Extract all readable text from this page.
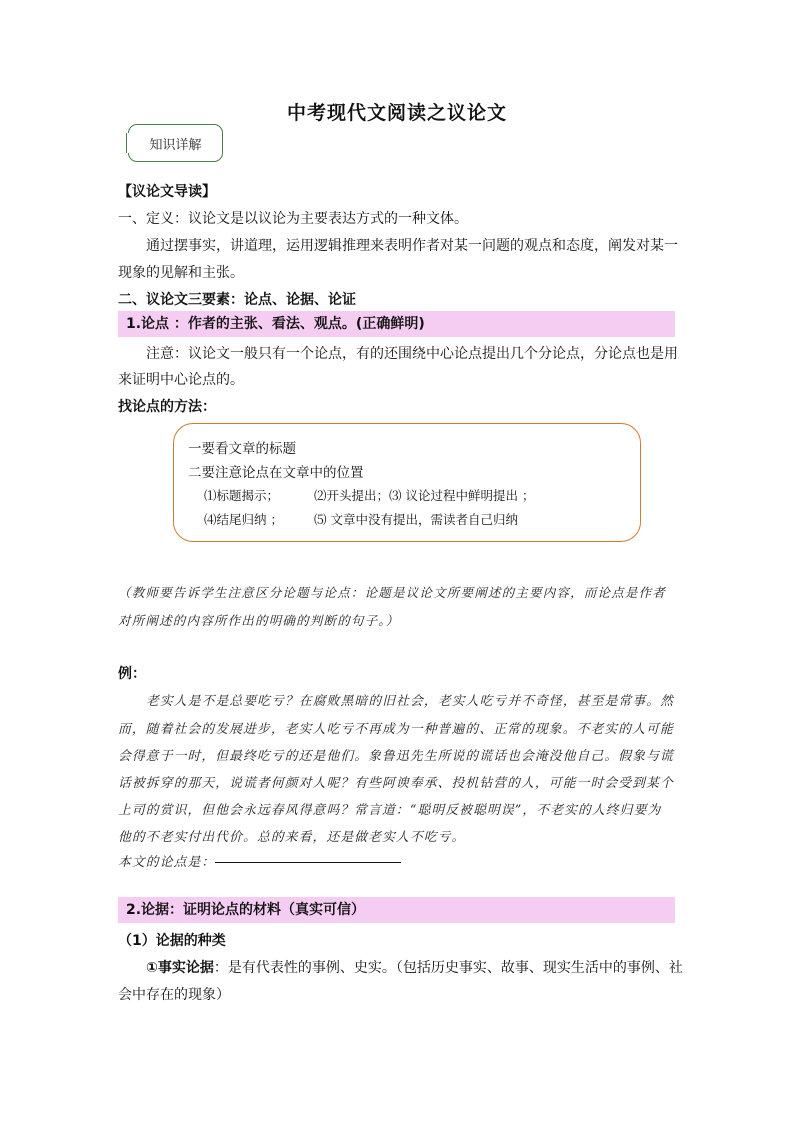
中考现代文阅读之议论文
知识详解
【议论文导读】
一、定义：议论文是以议论为主要表达方式的一种文体。
通过摆事实，讲道理，运用逻辑推理来表明作者对某一问题的观点和态度，阐发对某一
现象的见解和主张。
二、议论文三要素：论点、论据、论证
1.论点 ：作者的主张、看法、观点。(正确鲜明)
注意：议论文一般只有一个论点，有的还围绕中心论点提出几个分论点，分论点也是用
来证明中心论点的。
找论点的方法：
一要看文章的标题
二要注意论点在文章中的位置
⑴标题揭示；	⑵开头提出；⑶ 议论过程中鲜明提出 ；
⑷结尾归纳 ； ⑸ 文章中没有提出，需读者自己归纳
（教师要告诉学生注意区分论题与论点：论题是议论文所要阐述的主要内容，而论点是作者
对所阐述的内容所作出的明确的判断的句子。）
例：
老实人是不是总要吃亏？在腐败黑暗的旧社会，老实人吃亏并不奇怪，甚至是常事。然
而，随着社会的发展进步，老实人吃亏不再成为一种普遍的、正常的现象。不老实的人可能
会得意于一时，但最终吃亏的还是他们。象鲁迅先生所说的谎话也会淹没他自己。假象与谎
话被拆穿的那天，说谎者何颜对人呢？有些阿谀奉承、投机钻营的人，可能一时会受到某个
上司的赏识，但他会永远春风得意吗？常言道：“聪明反被聪明误”，不老实的人终归要为
他的不老实付出代价。总的来看，还是做老实人不吃亏。
本文的论点是：
2.论据：证明论点的材料（真实可信）
（1）论据的种类
①事实论据：是有代表性的事例、史实。（包括历史事实、故事、现实生活中的事例、社
会中存在的现象）
